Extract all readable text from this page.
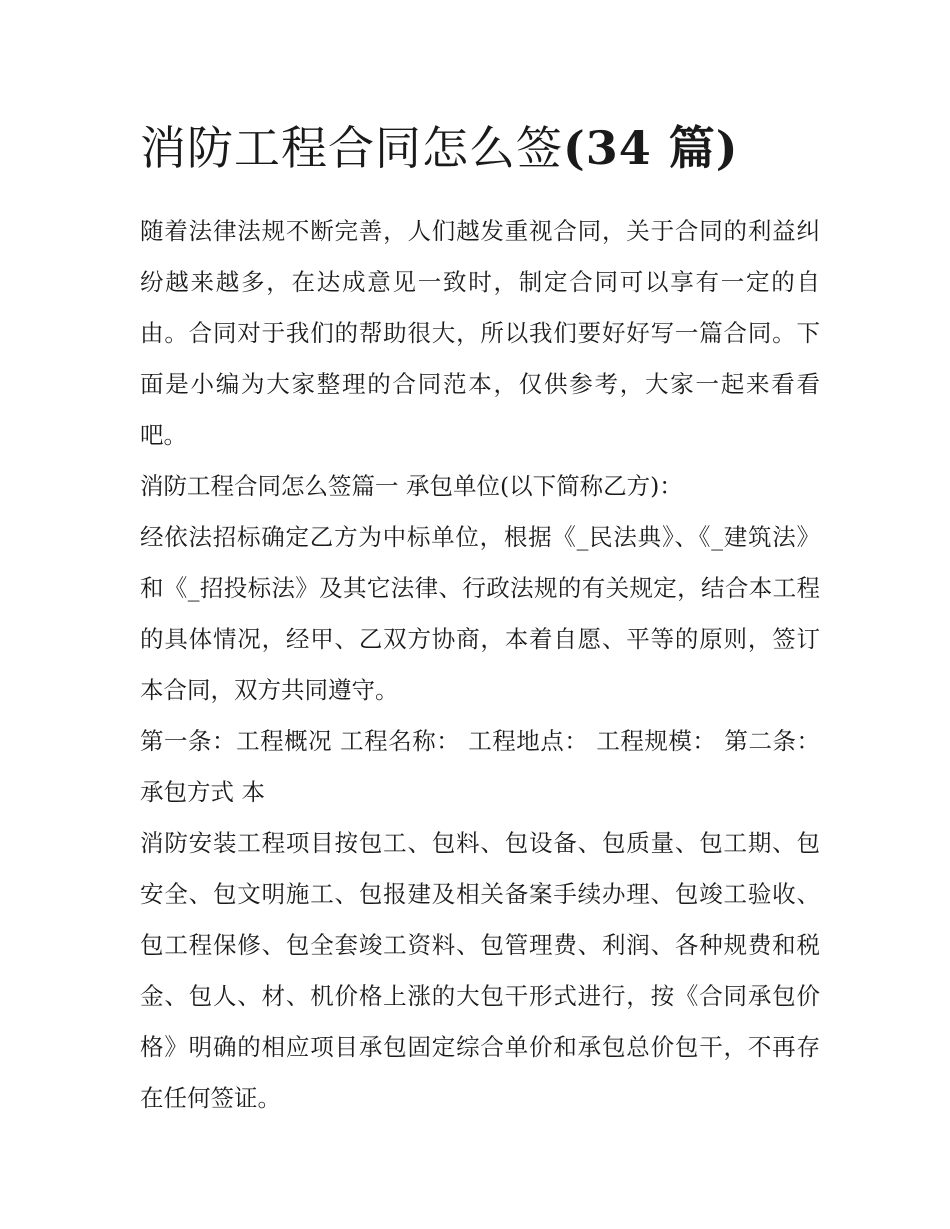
消防工程合同怎么签(34 篇)

随着法律法规不断完善，人们越发重视合同，关于合同的利益纠纷越来越多，在达成意见一致时，制定合同可以享有一定的自由。合同对于我们的帮助很大，所以我们要好好写一篇合同。下面是小编为大家整理的合同范本，仅供参考，大家一起来看看吧。

消防工程合同怎么签篇一 承包单位(以下简称乙方)：

经依法招标确定乙方为中标单位，根据《_民法典》、《_建筑法》和《_招投标法》及其它法律、行政法规的有关规定，结合本工程的具体情况，经甲、乙双方协商，本着自愿、平等的原则，签订本合同，双方共同遵守。

第一条：工程概况 工程名称： 工程地点： 工程规模： 第二条：承包方式 本

消防安装工程项目按包工、包料、包设备、包质量、包工期、包安全、包文明施工、包报建及相关备案手续办理、包竣工验收、包工程保修、包全套竣工资料、包管理费、利润、各种规费和税金、包人、材、机价格上涨的大包干形式进行，按《合同承包价格》明确的相应项目承包固定综合单价和承包总价包干，不再存在任何签证。
